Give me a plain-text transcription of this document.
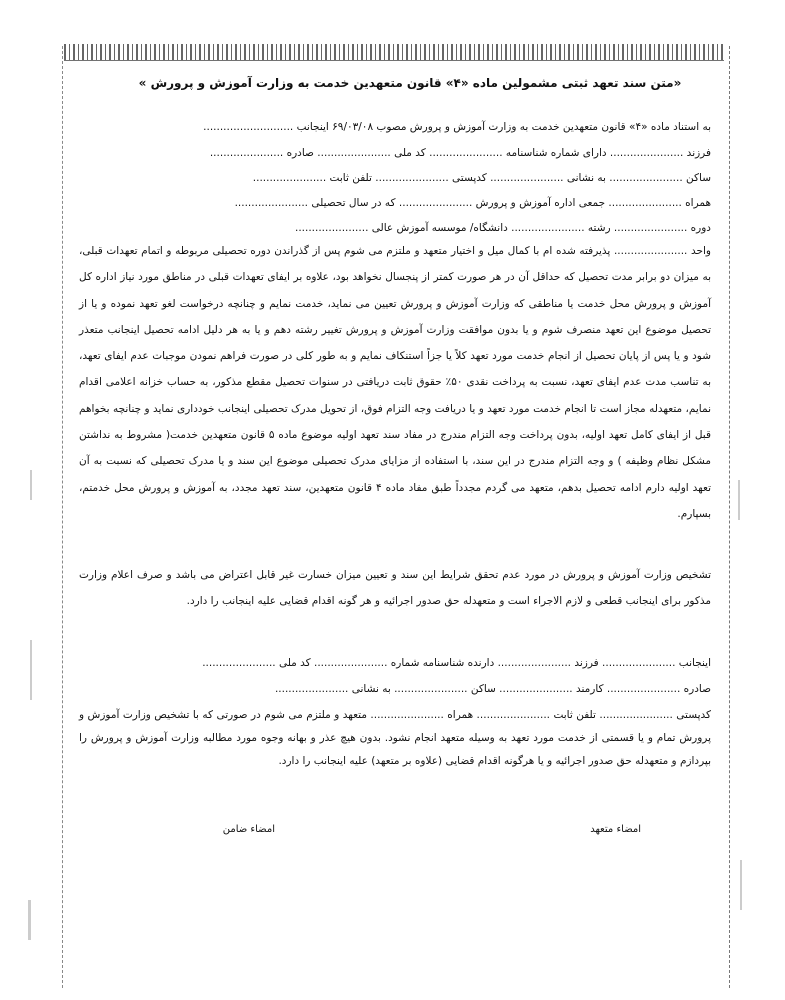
«متن سند تعهد ثبتی مشمولین ماده «۴» قانون متعهدین خدمت به وزارت آموزش و پرورش »
به استناد ماده «۴» قانون متعهدین خدمت به وزارت آموزش و پرورش مصوب ۶۹/۰۳/۰۸ اینجانب ...........................
فرزند ...................... دارای شماره شناسنامه ...................... کد ملی ...................... صادره ......................
ساکن ...................... به نشانی ...................... کدپستی ...................... تلفن ثابت ......................
همراه ...................... جمعی اداره آموزش و پرورش ...................... که در سال تحصیلی ......................
دوره ...................... رشته ...................... دانشگاه/ موسسه آموزش عالی ......................
واحد ...................... پذیرفته شده ام با کمال میل و اختیار متعهد و ملتزم می شوم پس از گذراندن دوره تحصیلی مربوطه و اتمام تعهدات قبلی، به میزان دو برابر مدت تحصیل که حداقل آن در هر صورت کمتر از پنجسال نخواهد بود، علاوه بر ایفای تعهدات قبلی در مناطق مورد نیاز اداره کل آموزش و پرورش محل خدمت یا مناطقی که وزارت آموزش و پرورش تعیین می نماید، خدمت نمایم و چنانچه درخواست لغو تعهد نموده و یا از تحصیل موضوع این تعهد منصرف شوم و یا بدون موافقت وزارت آموزش و پرورش تغییر رشته دهم و یا به هر دلیل ادامه تحصیل اینجانب متعذر شود و یا پس از پایان تحصیل از انجام خدمت مورد تعهد کلاً یا جزاً استنکاف نمایم و به طور کلی در صورت فراهم نمودن موجبات عدم ایفای تعهد، به تناسب مدت عدم ایفای تعهد، نسبت به پرداخت نقدی ۵۰٪ حقوق ثابت دریافتی در سنوات تحصیل مقطع مذکور، به حساب خزانه اعلامی اقدام نمایم، متعهدله مجاز است تا انجام خدمت مورد تعهد و یا دریافت وجه التزام فوق، از تحویل مدرک تحصیلی اینجانب خودداری نماید و چنانچه بخواهم قبل از ایفای کامل تعهد اولیه، بدون پرداخت وجه التزام مندرج در مفاد سند تعهد اولیه موضوع ماده ۵ قانون متعهدین خدمت( مشروط به نداشتن مشکل نظام وظیفه ) و وجه التزام مندرج در این سند، با استفاده از مزایای مدرک تحصیلی موضوع این سند و یا مدرک تحصیلی که نسبت به آن تعهد اولیه دارم ادامه تحصیل بدهم، متعهد می گردم مجدداً طبق مفاد ماده ۴ قانون متعهدین، سند تعهد مجدد، به آموزش و پرورش محل خدمتم، بسپارم.
تشخیص وزارت آموزش و پرورش در مورد عدم تحقق شرایط این سند و تعیین میزان خسارت غیر قابل اعتراض می باشد و صرف اعلام وزارت مذکور برای اینجانب قطعی و لازم الاجراء است و متعهدله حق صدور اجرائیه و هر گونه اقدام قضایی علیه اینجانب را دارد.
اینجانب ...................... فرزند ...................... دارنده شناسنامه شماره ...................... کد ملی ......................
صادره ...................... کارمند ...................... ساکن ...................... به نشانی ......................
کدپستی ...................... تلفن ثابت ...................... همراه ...................... متعهد و ملتزم می شوم در صورتی که با تشخیص وزارت آموزش و پرورش تمام و یا قسمتی از خدمت مورد تعهد به وسیله متعهد انجام نشود. بدون هیچ عذر و بهانه وجوه مورد مطالبه وزارت آموزش و پرورش را بپردازم و متعهدله حق صدور اجرائیه و یا هرگونه اقدام قضایی (علاوه بر متعهد) علیه اینجانب را دارد.
امضاء متعهد
امضاء ضامن
